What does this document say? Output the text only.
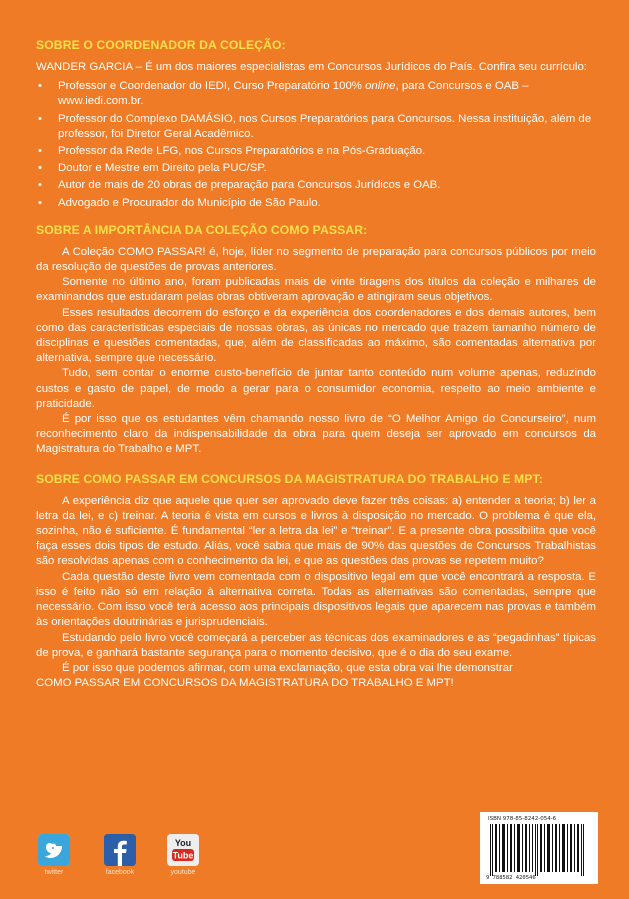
SOBRE O COORDENADOR DA COLEÇÃO:

WANDER GARCIA – É um dos maiores especialistas em Concursos Jurídicos do País. Confira seu currículo:

• Professor e Coordenador do IEDI, Curso Preparatório 100% online, para Concursos e OAB – www.iedi.com.br.
• Professor do Complexo DAMÁSIO, nos Cursos Preparatórios para Concursos. Nessa instituição, além de professor, foi Diretor Geral Acadêmico.
• Professor da Rede LFG, nos Cursos Preparatórios e na Pós-Graduação.
• Doutor e Mestre em Direito pela PUC/SP.
• Autor de mais de 20 obras de preparação para Concursos Jurídicos e OAB.
• Advogado e Procurador do Município de São Paulo.
SOBRE A IMPORTÂNCIA DA COLEÇÃO COMO PASSAR:

A Coleção COMO PASSAR! é, hoje, líder no segmento de preparação para concursos públicos por meio da resolução de questões de provas anteriores.

Somente no último ano, foram publicadas mais de vinte tiragens dos títulos da coleção e milhares de examinandos que estudaram pelas obras obtiveram aprovação e atingiram seus objetivos.

Esses resultados decorrem do esforço e da experiência dos coordenadores e dos demais autores, bem como das características especiais de nossas obras, as únicas no mercado que trazem tamanho número de disciplinas e questões comentadas, que, além de classificadas ao máximo, são comentadas alternativa por alternativa, sempre que necessário.

Tudo, sem contar o enorme custo-benefício de juntar tanto conteúdo num volume apenas, reduzindo custos e gasto de papel, de modo a gerar para o consumidor economia, respeito ao meio ambiente e praticidade.

É por isso que os estudantes vêm chamando nosso livro de “O Melhor Amigo do Concurseiro”, num reconhecimento claro da indispensabilidade da obra para quem deseja ser aprovado em concursos da Magistratura do Trabalho e MPT.

SOBRE COMO PASSAR EM CONCURSOS DA MAGISTRATURA DO TRABALHO E MPT:

A experiência diz que aquele que quer ser aprovado deve fazer três coisas: a) entender a teoria; b) ler a letra da lei, e c) treinar. A teoria é vista em cursos e livros à disposição no mercado. O problema é que ela, sozinha, não é suficiente. É fundamental “ler a letra da lei” e “treinar”. E a presente obra possibilita que você faça esses dois tipos de estudo. Aliás, você sabia que mais de 90% das questões de Concursos Trabalhistas são resolvidas apenas com o conhecimento da lei, e que as questões das provas se repetem muito?

Cada questão deste livro vem comentada com o dispositivo legal em que você encontrará a resposta. E isso é feito não só em relação à alternativa correta. Todas as alternativas são comentadas, sempre que necessário. Com isso você terá acesso aos principais dispositivos legais que aparecem nas provas e também às orientações doutrinárias e jurisprudenciais.

Estudando pelo livro você começará a perceber as técnicas dos examinadores e as “pegadinhas” típicas de prova, e ganhará bastante segurança para o momento decisivo, que é o dia do seu exame.

É por isso que podemos afirmar, com uma exclamação, que esta obra vai lhe demonstrar

COMO PASSAR EM CONCURSOS DA MAGISTRATURA DO TRABALHO E MPT!

twitter	facebook
You
Tube
youtube
ISBN 978-85-8242-054-6
9 788582 420546
